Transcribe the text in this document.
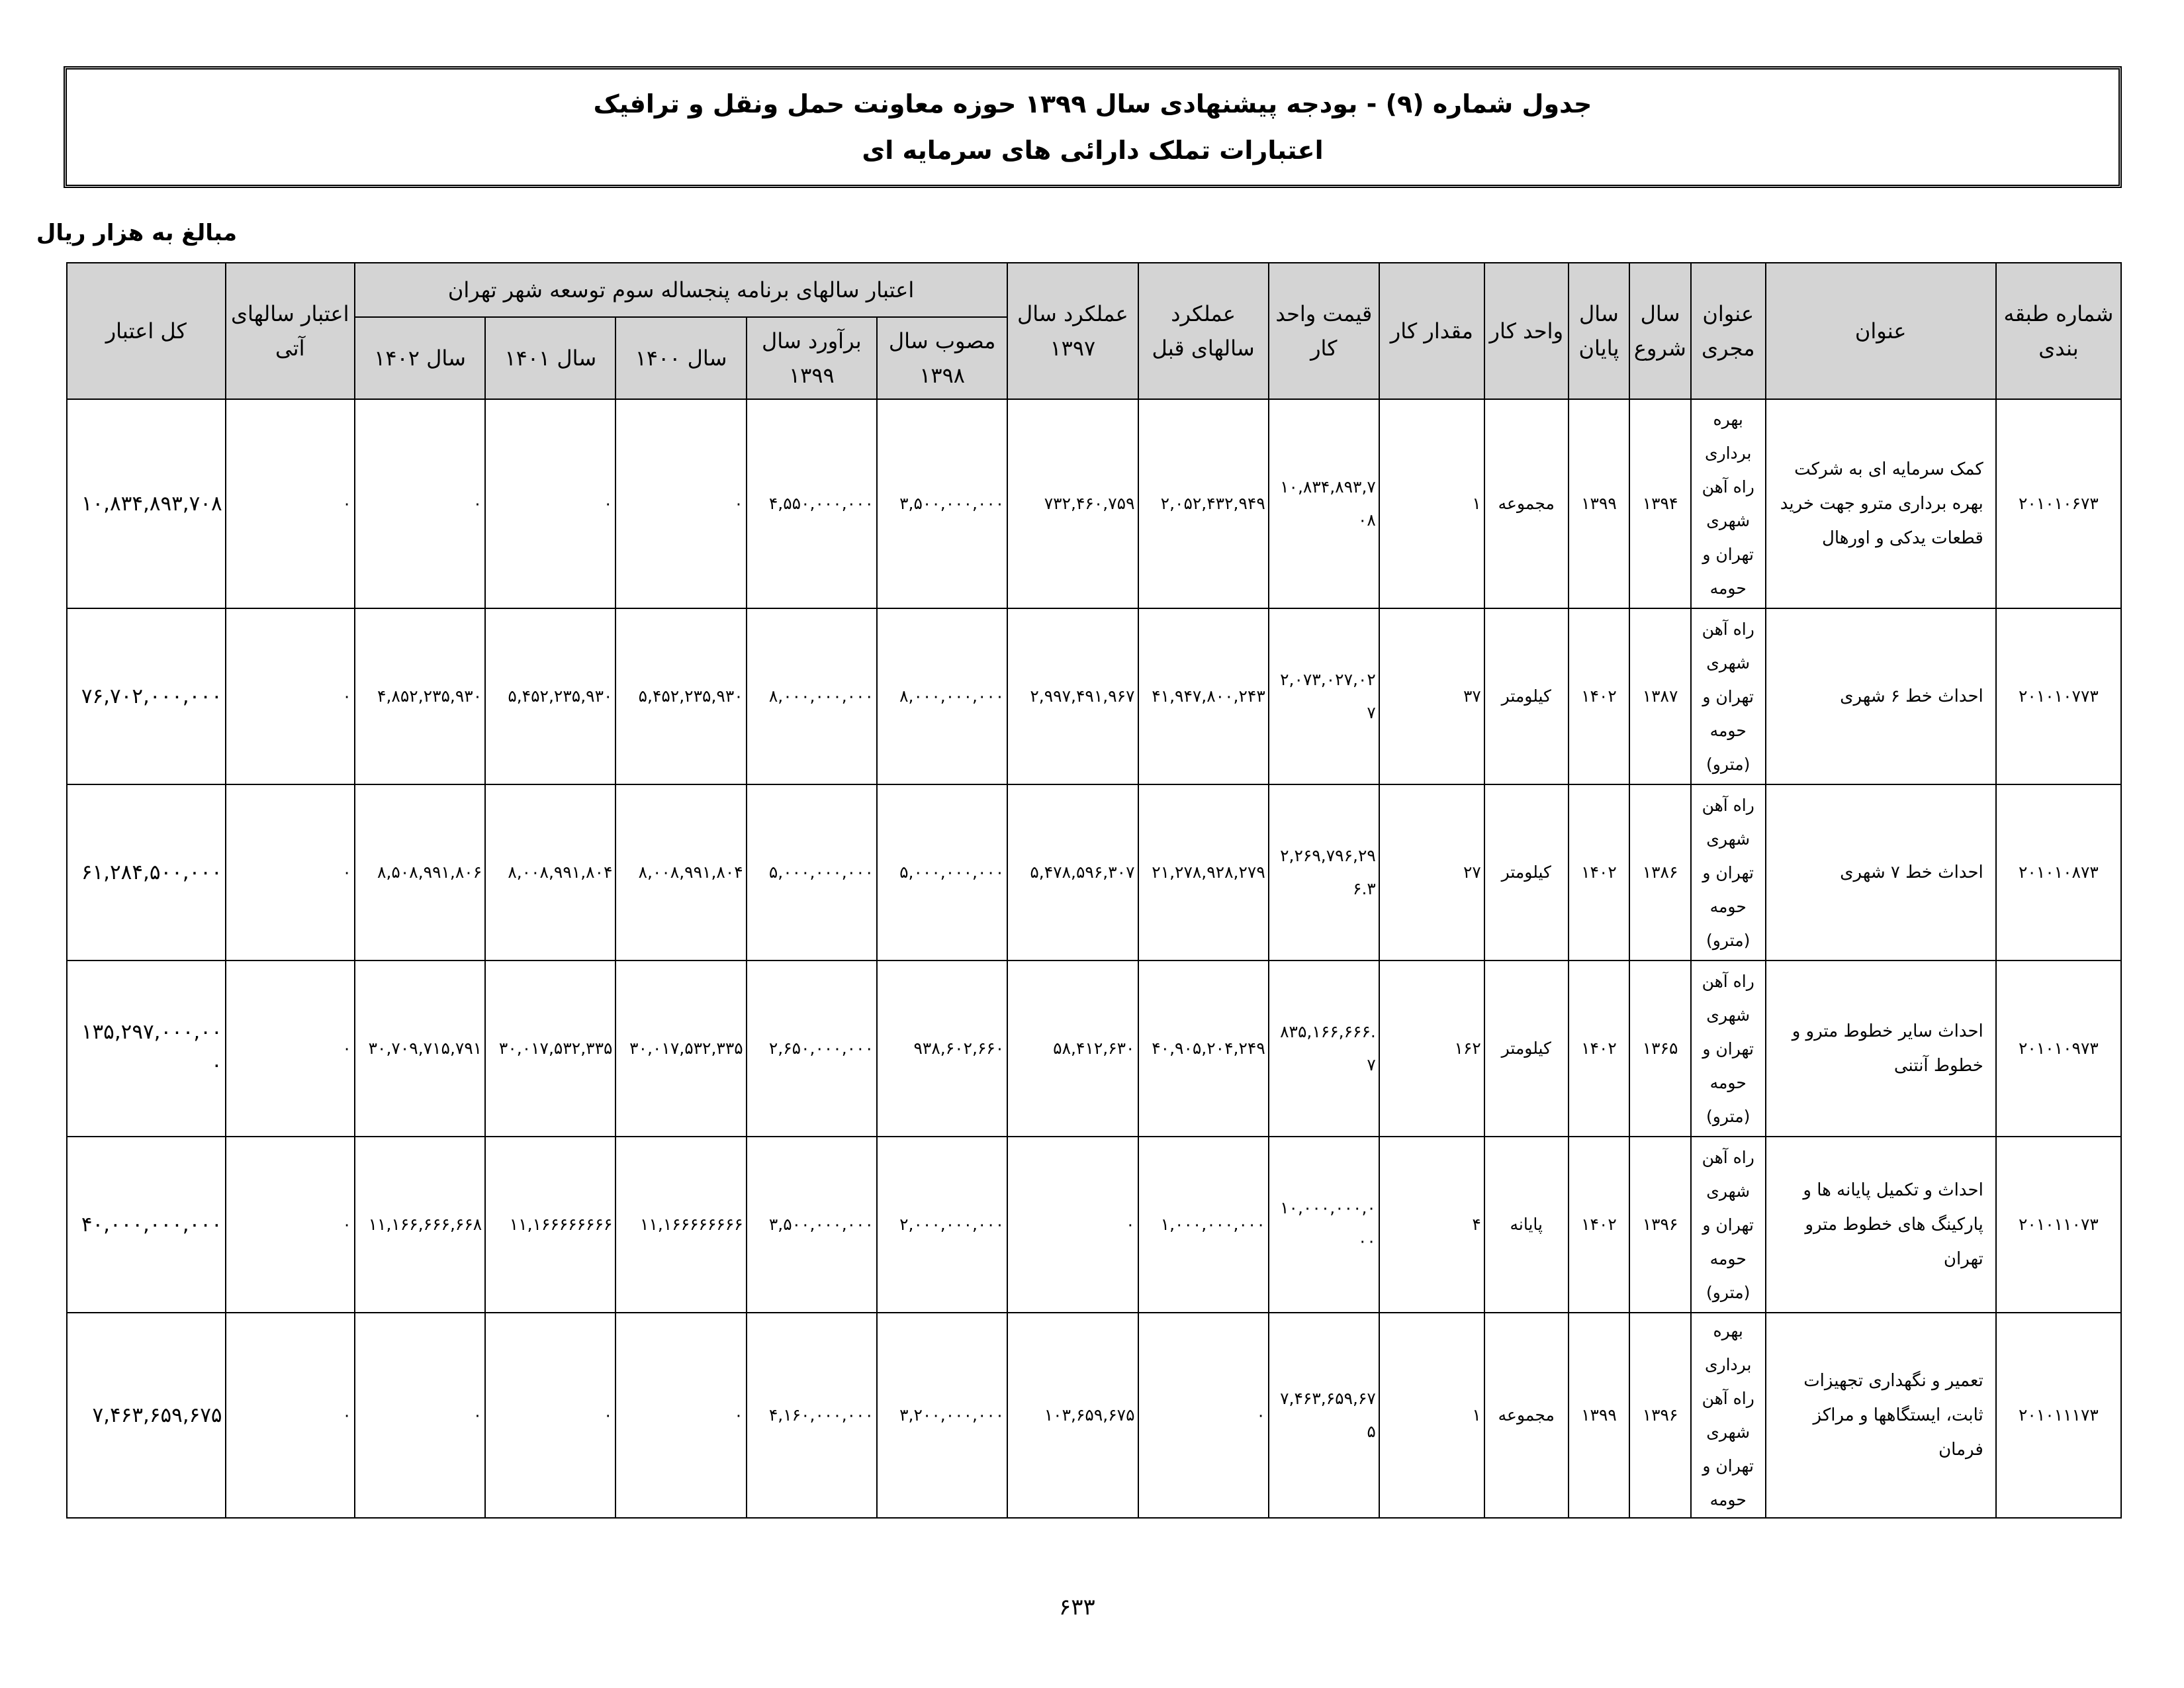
جدول شماره (۹) - بودجه پیشنهادی سال ۱۳۹۹ حوزه معاونت حمل ونقل و ترافیک
اعتبارات تملک دارائی های سرمایه ای
مبالغ به هزار ریال
شماره طبقه بندی	عنوان	عنوان مجری	سال شروع	سال پایان	واحد کار	مقدار کار	قیمت واحد کار	عملکرد سالهای قبل	عملکرد سال ۱۳۹۷	اعتبار سالهای برنامه پنجساله سوم توسعه شهر تهران					اعتبار سالهای آتی	کل اعتبار
										مصوب سال ۱۳۹۸	برآورد سال ۱۳۹۹	سال ۱۴۰۰	سال ۱۴۰۱	سال ۱۴۰۲		
۲۰۱۰۱۰۶۷۳	کمک سرمایه ای به شرکت بهره برداری مترو جهت خرید قطعات یدکی و اورهال	بهره برداری راه آهن شهری تهران و حومه	۱۳۹۴	۱۳۹۹	مجموعه	۱	۱۰,۸۳۴,۸۹۳,۷۰۸	۲,۰۵۲,۴۳۲,۹۴۹	۷۳۲,۴۶۰,۷۵۹	۳,۵۰۰,۰۰۰,۰۰۰	۴,۵۵۰,۰۰۰,۰۰۰	۰	۰	۰	۰	۱۰,۸۳۴,۸۹۳,۷۰۸
۲۰۱۰۱۰۷۷۳	احداث خط ۶ شهری	راه آهن شهری تهران و حومه (مترو)	۱۳۸۷	۱۴۰۲	کیلومتر	۳۷	۲,۰۷۳,۰۲۷,۰۲۷	۴۱,۹۴۷,۸۰۰,۲۴۳	۲,۹۹۷,۴۹۱,۹۶۷	۸,۰۰۰,۰۰۰,۰۰۰	۸,۰۰۰,۰۰۰,۰۰۰	۵,۴۵۲,۲۳۵,۹۳۰	۵,۴۵۲,۲۳۵,۹۳۰	۴,۸۵۲,۲۳۵,۹۳۰	۰	۷۶,۷۰۲,۰۰۰,۰۰۰
۲۰۱۰۱۰۸۷۳	احداث خط ۷ شهری	راه آهن شهری تهران و حومه (مترو)	۱۳۸۶	۱۴۰۲	کیلومتر	۲۷	۲,۲۶۹,۷۹۶,۲۹۶.۳	۲۱,۲۷۸,۹۲۸,۲۷۹	۵,۴۷۸,۵۹۶,۳۰۷	۵,۰۰۰,۰۰۰,۰۰۰	۵,۰۰۰,۰۰۰,۰۰۰	۸,۰۰۸,۹۹۱,۸۰۴	۸,۰۰۸,۹۹۱,۸۰۴	۸,۵۰۸,۹۹۱,۸۰۶	۰	۶۱,۲۸۴,۵۰۰,۰۰۰
۲۰۱۰۱۰۹۷۳	احداث سایر خطوط مترو و خطوط آنتنی	راه آهن شهری تهران و حومه (مترو)	۱۳۶۵	۱۴۰۲	کیلومتر	۱۶۲	۸۳۵,۱۶۶,۶۶۶.۷	۴۰,۹۰۵,۲۰۴,۲۴۹	۵۸,۴۱۲,۶۳۰	۹۳۸,۶۰۲,۶۶۰	۲,۶۵۰,۰۰۰,۰۰۰	۳۰,۰۱۷,۵۳۲,۳۳۵	۳۰,۰۱۷,۵۳۲,۳۳۵	۳۰,۷۰۹,۷۱۵,۷۹۱	۰	۱۳۵,۲۹۷,۰۰۰,۰۰۰
۲۰۱۰۱۱۰۷۳	احداث و تکمیل پایانه ها و پارکینگ های خطوط مترو تهران	راه آهن شهری تهران و حومه (مترو)	۱۳۹۶	۱۴۰۲	پایانه	۴	۱۰,۰۰۰,۰۰۰,۰۰۰	۱,۰۰۰,۰۰۰,۰۰۰	۰	۲,۰۰۰,۰۰۰,۰۰۰	۳,۵۰۰,۰۰۰,۰۰۰	۱۱,۱۶۶۶۶۶۶۶۶	۱۱,۱۶۶۶۶۶۶۶۶	۱۱,۱۶۶,۶۶۶,۶۶۸	۰	۴۰,۰۰۰,۰۰۰,۰۰۰
۲۰۱۰۱۱۱۷۳	تعمیر و نگهداری تجهیزات ثابت، ایستگاهها و مراکز فرمان	بهره برداری راه آهن شهری تهران و حومه	۱۳۹۶	۱۳۹۹	مجموعه	۱	۷,۴۶۳,۶۵۹,۶۷۵	۰	۱۰۳,۶۵۹,۶۷۵	۳,۲۰۰,۰۰۰,۰۰۰	۴,۱۶۰,۰۰۰,۰۰۰	۰	۰	۰	۰	۷,۴۶۳,۶۵۹,۶۷۵
۶۳۳
